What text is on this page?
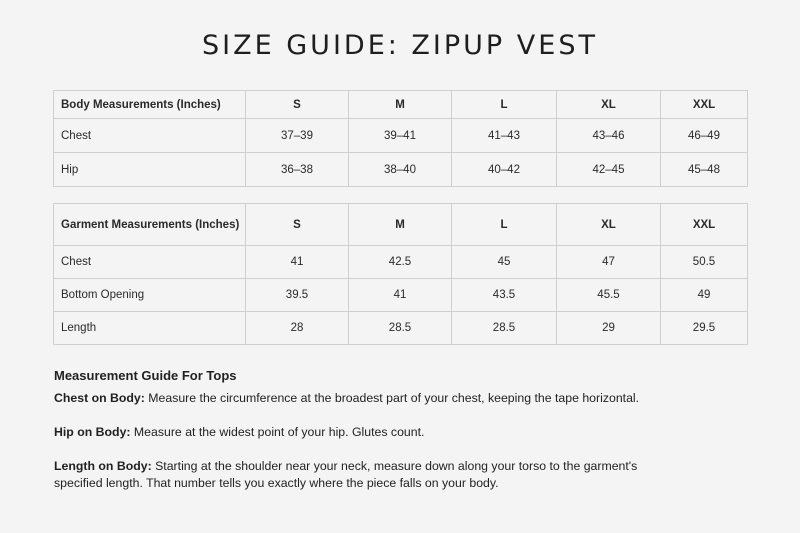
SIZE GUIDE: ZIPUP VEST
Body Measurements (Inches)	S	M	L	XL	XXL
Chest	37–39	39–41	41–43	43–46	46–49
Hip	36–38	38–40	40–42	42–45	45–48
Garment Measurements (Inches)	S	M	L	XL	XXL
Chest	41	42.5	45	47	50.5
Bottom Opening	39.5	41	43.5	45.5	49
Length	28	28.5	28.5	29	29.5
Measurement Guide For Tops

Chest on Body: Measure the circumference at the broadest part of your chest, keeping the tape horizontal.

Hip on Body: Measure at the widest point of your hip. Glutes count.

Length on Body: Starting at the shoulder near your neck, measure down along your torso to the garment's specified length. That number tells you exactly where the piece falls on your body.
